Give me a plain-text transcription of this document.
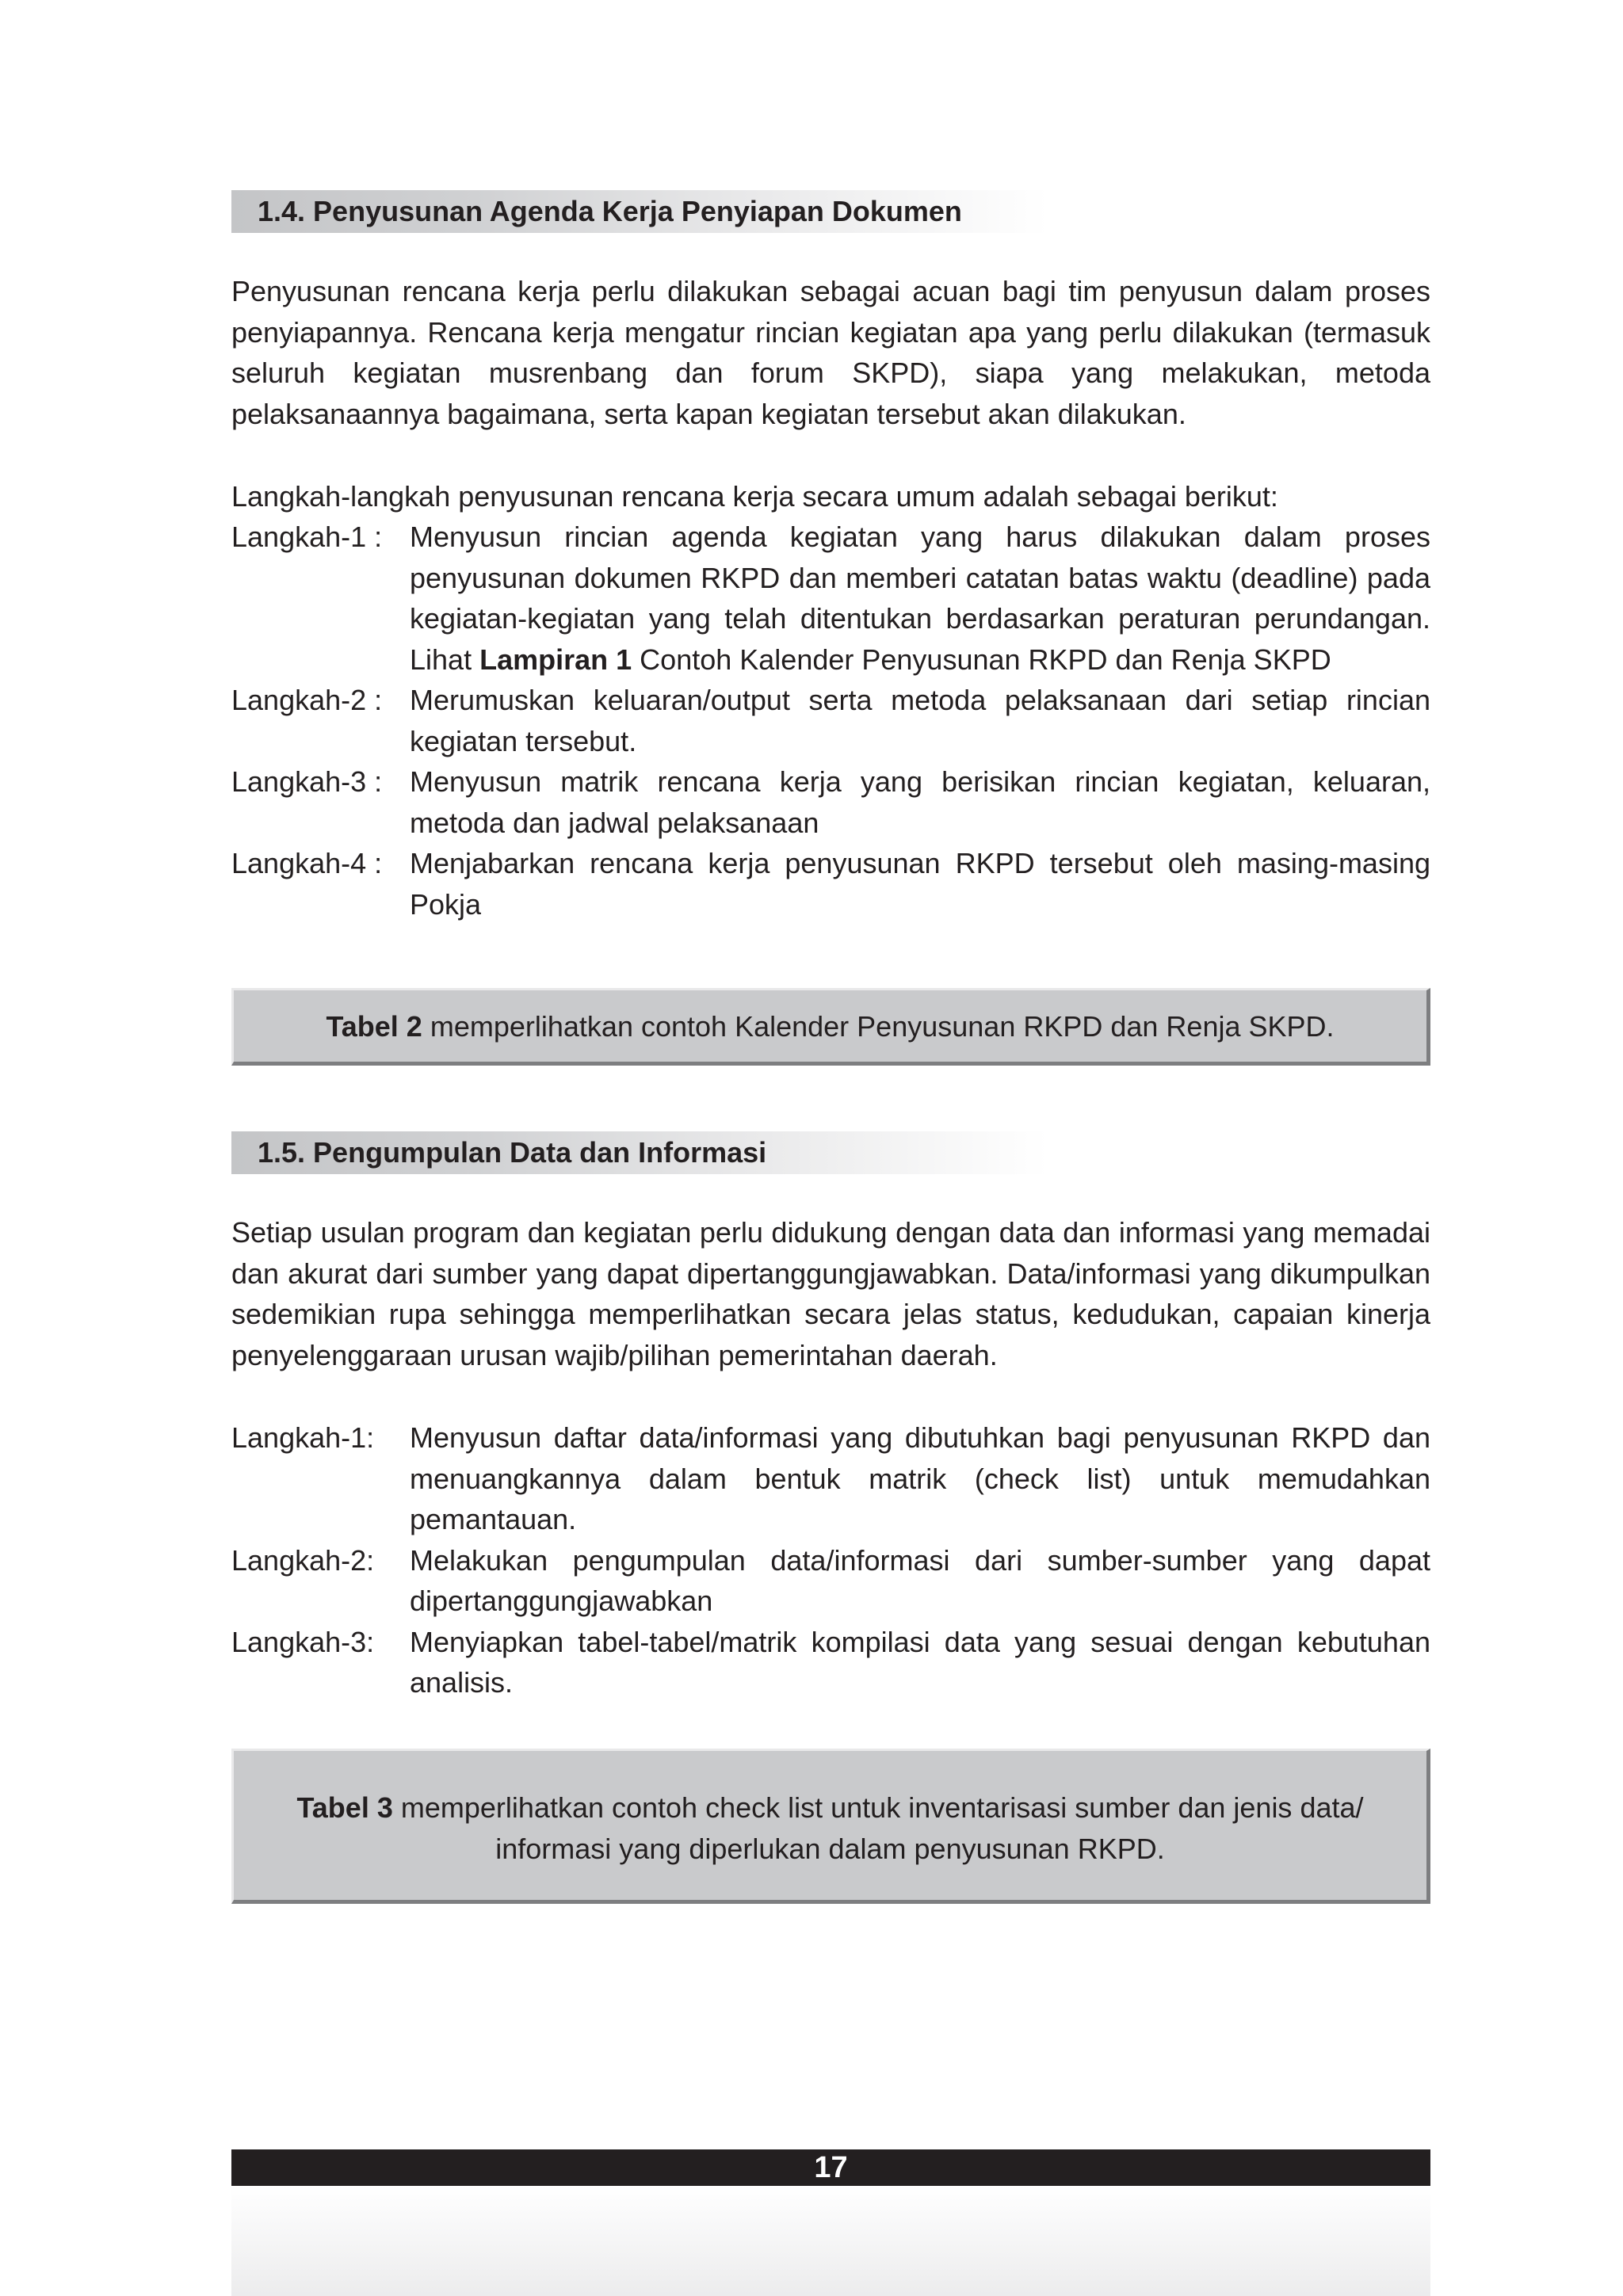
1.4. Penyusunan Agenda Kerja Penyiapan Dokumen

Penyusunan rencana kerja perlu dilakukan sebagai acuan bagi tim penyusun dalam proses penyiapannya. Rencana kerja mengatur rincian kegiatan apa yang perlu dilakukan (termasuk seluruh kegiatan musrenbang dan forum SKPD), siapa yang melakukan, metoda pelaksanaannya bagaimana, serta kapan kegiatan tersebut akan dilakukan.

Langkah-langkah penyusunan rencana kerja secara umum adalah sebagai berikut:

Langkah-1 : Menyusun rincian agenda kegiatan yang harus dilakukan dalam proses penyusunan dokumen RKPD dan memberi catatan batas waktu (deadline) pada kegiatan-kegiatan yang telah ditentukan berdasarkan peraturan perundangan. Lihat Lampiran 1 Contoh Kalender Penyusunan RKPD dan Renja SKPD
Langkah-2 : Merumuskan keluaran/output serta metoda pelaksanaan dari setiap rincian kegiatan tersebut.
Langkah-3 : Menyusun matrik rencana kerja yang berisikan rincian kegiatan, keluaran, metoda dan jadwal pelaksanaan
Langkah-4 : Menjabarkan rencana kerja penyusunan RKPD tersebut oleh masing-masing Pokja
Tabel 2 memperlihatkan contoh Kalender Penyusunan RKPD dan Renja SKPD.
1.5. Pengumpulan Data dan Informasi

Setiap usulan program dan kegiatan perlu didukung dengan data dan informasi yang memadai dan akurat dari sumber yang dapat dipertanggungjawabkan. Data/informasi yang dikumpulkan sedemikian rupa sehingga memperlihatkan secara jelas status, kedudukan, capaian kinerja penyelenggaraan urusan wajib/pilihan pemerintahan daerah.

Langkah-1:	Menyusun daftar data/informasi yang dibutuhkan bagi penyusunan RKPD dan menuangkannya dalam bentuk matrik (check list) untuk memudahkan pemantauan.
Langkah-2:	Melakukan pengumpulan data/informasi dari sumber-sumber yang dapat dipertanggungjawabkan
Langkah-3:	Menyiapkan tabel-tabel/matrik kompilasi data yang sesuai dengan kebutuhan analisis.
Tabel 3 memperlihatkan contoh check list untuk inventarisasi sumber dan jenis data/
informasi yang diperlukan dalam penyusunan RKPD.
17
